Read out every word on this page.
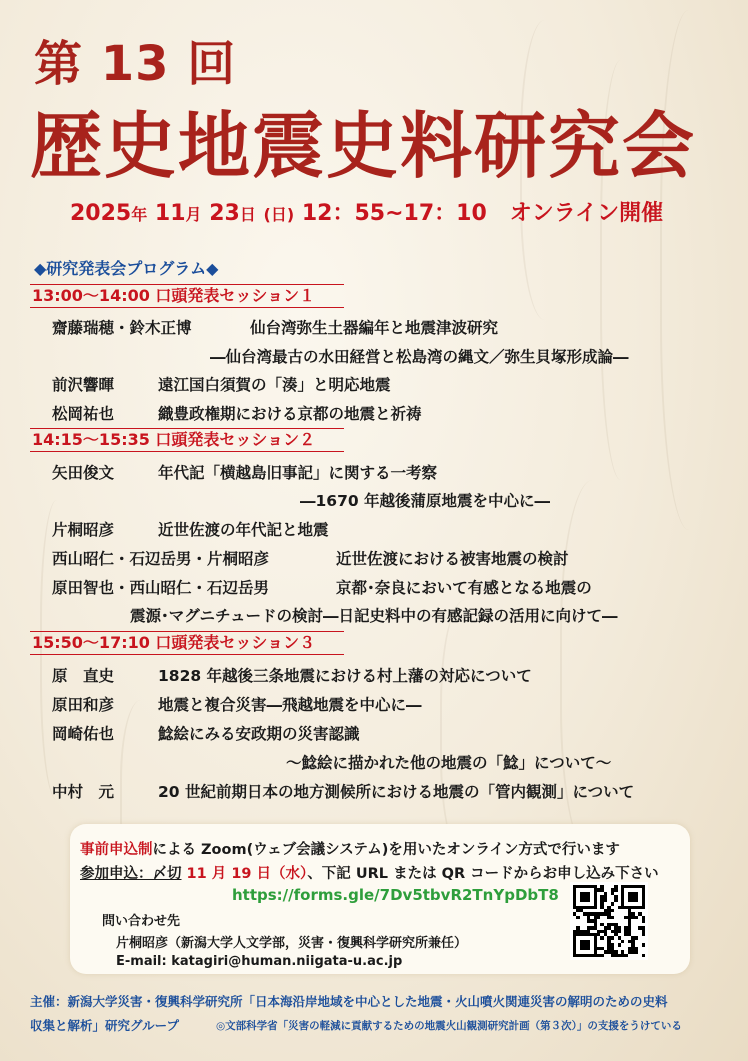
第 13 回
歴史地震史料研究会
2025年 11月 23日 (日) 12：55~17：10 オンライン開催
◆研究発表会プログラム◆
13:00～14:00 口頭発表セッション１
齋藤瑞穂・鈴木正博	仙台湾弥生土器編年と地震津波研究
―仙台湾最古の水田経営と松島湾の縄文／弥生貝塚形成論―
前沢響暉	遠江国白須賀の「湊」と明応地震
松岡祐也	織豊政権期における京都の地震と祈祷
14:15～15:35 口頭発表セッション２
矢田俊文	年代記「横越島旧事記」に関する一考察
―1670 年越後蒲原地震を中心に―
片桐昭彦	近世佐渡の年代記と地震
西山昭仁・石辺岳男・片桐昭彦	近世佐渡における被害地震の検討
原田智也・西山昭仁・石辺岳男	京都･奈良において有感となる地震の
震源･マグニチュードの検討―日記史料中の有感記録の活用に向けて―
15:50～17:10 口頭発表セッション３
原　直史	1828 年越後三条地震における村上藩の対応について
原田和彦	地震と複合災害―飛越地震を中心に―
岡崎佑也	鯰絵にみる安政期の災害認識
～鯰絵に描かれた他の地震の「鯰」について～
中村　元	20 世紀前期日本の地方測候所における地震の「管内観測」について
事前申込制による Zoom(ウェブ会議システム)を用いたオンライン方式で行います
参加申込：〆切 11 月 19 日（水）、下記 URL または QR コードからお申し込み下さい
https://forms.gle/7Dv5tbvR2TnYpDbT8
問い合わせ先
片桐昭彦（新潟大学人文学部，災害・復興科学研究所兼任）
E-mail: katagiri@human.niigata-u.ac.jp
主催：新潟大学災害・復興科学研究所「日本海沿岸地域を中心とした地震・火山噴火関連災害の解明のための史料
収集と解析」研究グループ	◎文部科学省「災害の軽減に貢献するための地震火山観測研究計画（第３次）」の支援をうけている
